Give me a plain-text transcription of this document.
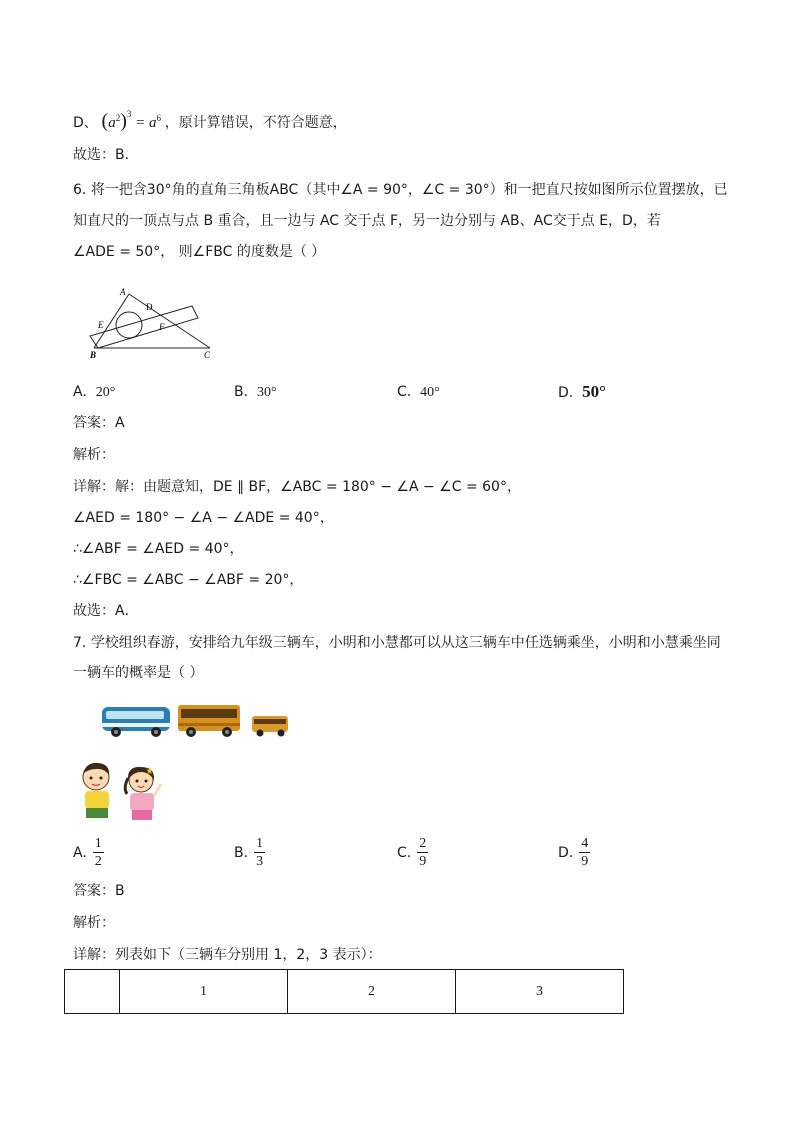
D、 $(a^2)^3 = a^6$ ，原计算错误，不符合题意，
故选：B．
6. 将一把含30°角的直角三角板ABC（其中∠A = 90°，∠C = 30°）和一把直尺按如图所示位置摆放，已
知直尺的一顶点与点 B 重合，且一边与 AC 交于点 F，另一边分别与 AB、AC交于点 E，D，若
∠ADE = 50°， 则∠FBC 的度数是（ ）
A
D
E	F
B	C
A. 20°	B. 30°	C. 40°	D. 50°
答案：A
解析：
详解：解：由题意知，DE ∥ BF，∠ABC = 180° − ∠A − ∠C = 60°，
∠AED = 180° − ∠A − ∠ADE = 40°，
∴∠ABF = ∠AED = 40°，
∴∠FBC = ∠ABC − ∠ABF = 20°，
故选：A．
7. 学校组织春游，安排给九年级三辆车，小明和小慧都可以从这三辆车中任选辆乘坐，小明和小慧乘坐同
一辆车的概率是（ ）
A. $\frac{1}{2}$	B. $\frac{1}{3}$	C. $\frac{2}{9}$	D. $\frac{4}{9}$
答案：B
解析：
详解：列表如下（三辆车分别用 1，2，3 表示）：
	1	2	3
